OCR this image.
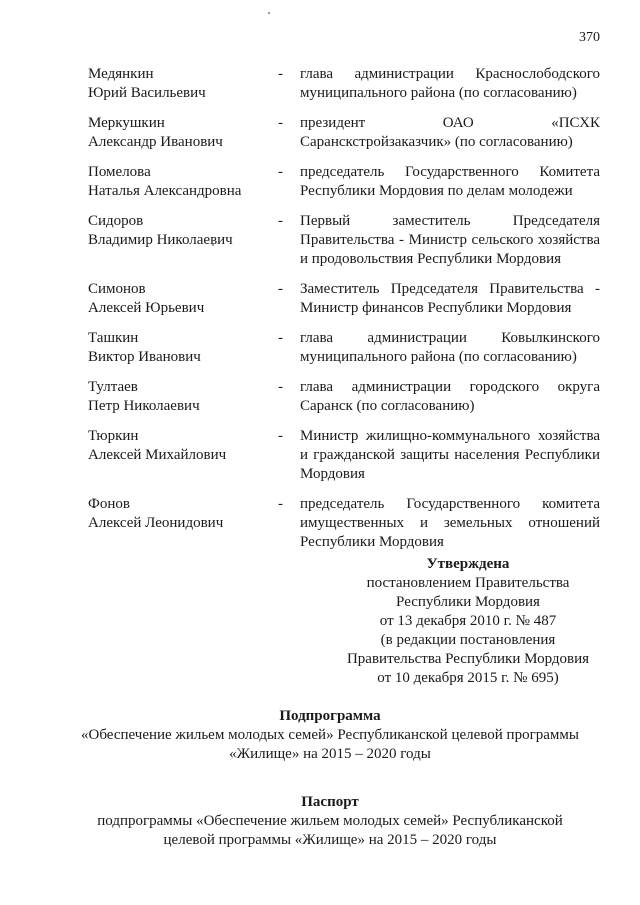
370
Медянкин
Юрий Васильевич
-	глава администрации Краснослободского муниципального района (по согласованию)
Меркушкин
Александр Иванович
-	президент ОАО «ПСХК Саранскстройзаказчик» (по согласованию)
Помелова
Наталья Александровна
-	председатель Государственного Комитета Республики Мордовия по делам молодежи
Сидоров
Владимир Николаевич
-	Первый заместитель Председателя Правительства - Министр сельского хозяйства и продовольствия Республики Мордовия
Симонов
Алексей Юрьевич
-	Заместитель Председателя Правительства - Министр финансов Республики Мордовия
Ташкин
Виктор Иванович
-	глава администрации Ковылкинского муниципального района (по согласованию)
Тултаев
Петр Николаевич
-	глава администрации городского округа Саранск (по согласованию)
Тюркин
Алексей Михайлович
-	Министр жилищно-коммунального хозяйства и гражданской защиты населения Республики Мордовия
Фонов
Алексей Леонидович
-	председатель Государственного комитета имущественных и земельных отношений Республики Мордовия
Утверждена
постановлением Правительства
Республики Мордовия
от 13 декабря 2010 г. № 487
(в редакции постановления
Правительства Республики Мордовия
от 10 декабря 2015 г. № 695)
Подпрограмма
«Обеспечение жильем молодых семей» Республиканской целевой программы
«Жилище» на 2015 – 2020 годы
Паспорт
подпрограммы «Обеспечение жильем молодых семей» Республиканской
целевой программы «Жилище» на 2015 – 2020 годы
